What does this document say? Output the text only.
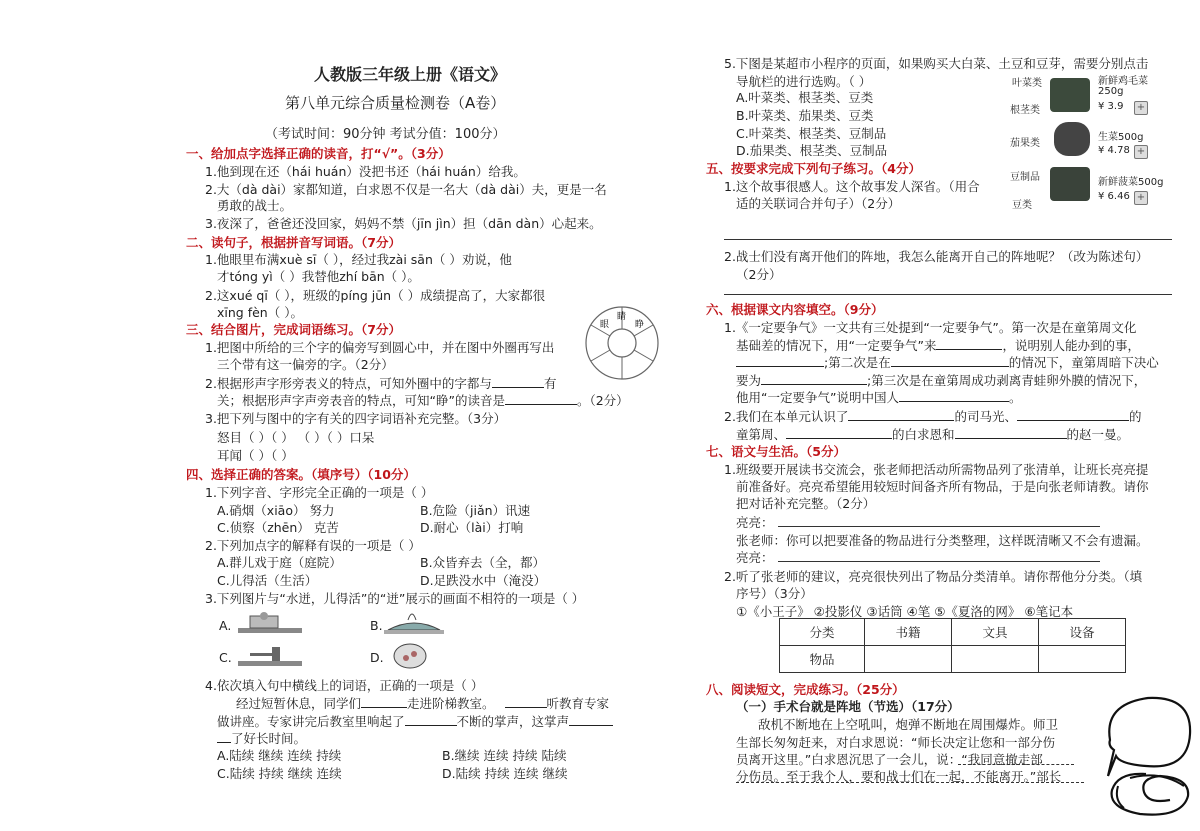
人教版三年级上册《语文》
第八单元综合质量检测卷（A卷）
（考试时间：90分钟 考试分值：100分）
一、给加点字选择正确的读音，打“√”。（3分）
1.他到现在还（hái huán）没把书还（hái huán）给我。
2.大（dà dài）家都知道，白求恩不仅是一名大（dà dài）夫，更是一名
勇敢的战士。
3.夜深了，爸爸还没回家，妈妈不禁（jīn jìn）担（dān dàn）心起来。
二、读句子，根据拼音写词语。（7分）
1.他眼里布满xuè sī（ ），经过我zài sān（ ）劝说，他
才tóng yì（ ）我替他zhí bān（ ）。
2.这xué qī（ ），班级的píng jūn（ ）成绩提高了，大家都很
xīng fèn（ ）。
三、结合图片，完成词语练习。（7分）
1.把图中所给的三个字的偏旁写到圆心中，并在图中外圈再写出
三个带有这一偏旁的字。（2分）
2.根据形声字形旁表义的特点，可知外圈中的字都与	有
关；根据形声字声旁表音的特点，可知“睁”的读音是	。（2分）
3.把下列与图中的字有关的四字词语补充完整。（3分）
怒目（ ）（ ） （ ）（ ）口呆
耳闻（ ）（ ）
眼
睛
睁
四、选择正确的答案。（填序号）（10分）
1.下列字音、字形完全正确的一项是（ ）
A.硝烟（xiāo） 努力	B.危险（jiǎn）讯速
C.侦察（zhēn） 克苦	D.耐心（lài）打响
2.下列加点字的解释有误的一项是（ ）
A.群儿戏于庭（庭院）	B.众皆弃去（全，都）
C.儿得活（生活）	D.足跌没水中（淹没）
3.下列图片与“水迸，儿得活”的“迸”展示的画面不相符的一项是（ ）
A.	B.
C.	D.
4.依次填入句中横线上的词语，正确的一项是（ ）
经过短暂休息，同学们	走进阶梯教室。	听教育专家
做讲座。专家讲完后教室里响起了	不断的掌声，这掌声
了好长时间。
A.陆续 继续 连续 持续	B.继续 连续 持续 陆续
C.陆续 持续 继续 连续	D.陆续 持续 连续 继续
5.下图是某超市小程序的页面，如果购买大白菜、土豆和豆芽，需要分别点击
导航栏的进行选购。（ ）
A.叶菜类、根茎类、豆类
B.叶菜类、茄果类、豆类
C.叶菜类、根茎类、豆制品
D.茄果类、根茎类、豆制品
叶菜类
根茎类
茄果类
豆制品
豆类
新鲜鸡毛菜
250g
¥ 3.9 +
生菜500g
¥ 4.78 +
新鲜菠菜500g
¥ 6.46 +
五、按要求完成下列句子练习。（4分）
1.这个故事很感人。这个故事发人深省。（用合
适的关联词合并句子）（2分）
2.战士们没有离开他们的阵地，我怎么能离开自己的阵地呢？（改为陈述句）
（2分）
六、根据课文内容填空。（9分）
1.《一定要争气》一文共有三处提到“一定要争气”。第一次是在童第周文化
基础差的情况下，用“一定要争气”来	，说明别人能办到的事，
;第二次是在	的情况下，童第周暗下决心
要为	;第三次是在童第周成功剥离青蛙卵外膜的情况下，
他用“一定要争气”说明中国人	。
2.我们在本单元认识了	的司马光、	的
童第周、	的白求恩和	的赵一曼。
七、语文与生活。（5分）
1.班级要开展读书交流会，张老师把活动所需物品列了张清单，让班长亮亮提
前准备好。亮亮希望能用较短时间备齐所有物品，于是向张老师请教。请你
把对话补充完整。（2分）
亮亮：
张老师：你可以把要准备的物品进行分类整理，这样既清晰又不会有遗漏。
亮亮：
2.听了张老师的建议，亮亮很快列出了物品分类清单。请你帮他分分类。（填
序号）（3分）
①《小王子》 ②投影仪 ③话筒 ④笔 ⑤《夏洛的网》 ⑥笔记本
分类	书籍	文具	设备
物品			
八、阅读短文，完成练习。（25分）
（一）手术台就是阵地（节选）（17分）
敌机不断地在上空吼叫，炮弹不断地在周围爆炸。师卫
生部长匆匆赶来，对白求恩说：“师长决定让您和一部分伤
员离开这里。”白求恩沉思了一会儿，说：“我同意撤走部
分伤员。至于我个人，要和战士们在一起，不能离开。”部长
